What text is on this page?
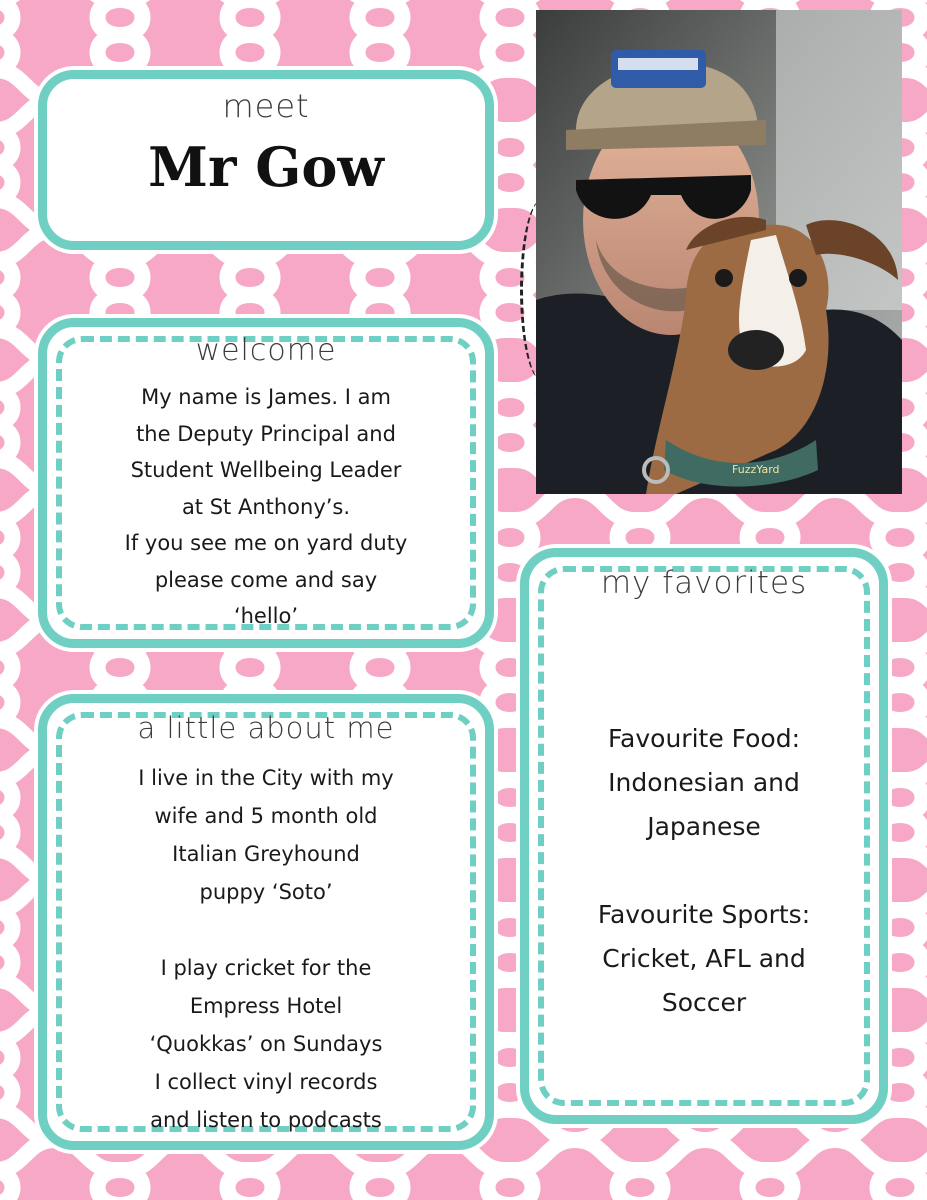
meet
Mr Gow
welcome
My name is James. I am
the Deputy Principal and
Student Wellbeing Leader
at St Anthony’s.
If you see me on yard duty
please come and say
‘hello’
a little about me
I live in the City with my
wife and 5 month old
Italian Greyhound
puppy ‘Soto’

I play cricket for the
Empress Hotel
‘Quokkas’ on Sundays
I collect vinyl records
and listen to podcasts
my favorites
Favourite Food:
Indonesian and
Japanese

Favourite Sports:
Cricket, AFL and
Soccer
FuzzYard
